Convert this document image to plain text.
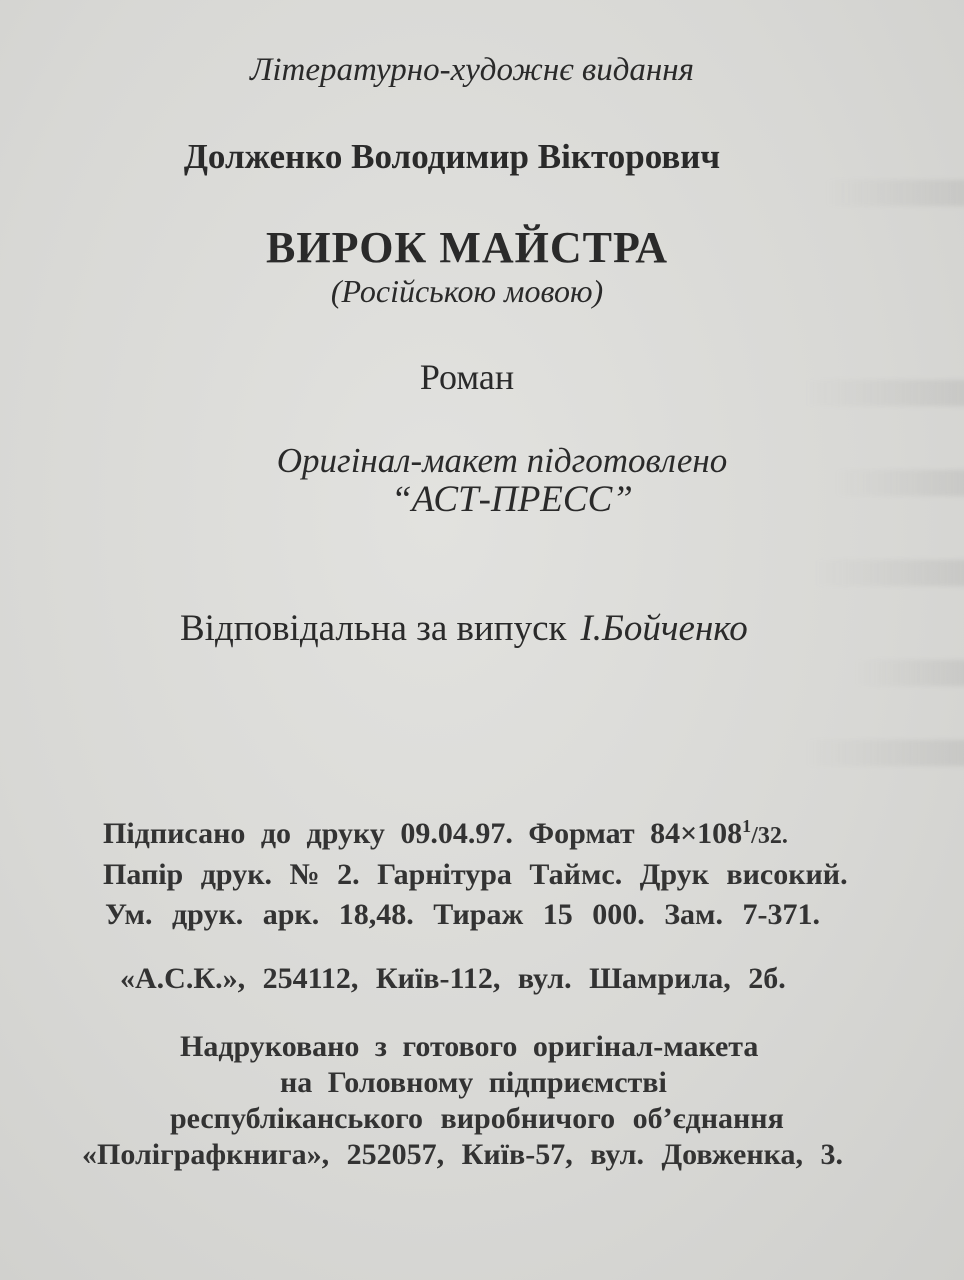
Літературно-художнє видання
Долженко Володимир Вікторович
ВИРОК МАЙСТРА
(Російською мовою)
Роман
Оригінал-макет підготовлено
“АСТ-ПРЕСС”
Відповідальна за випуск І.Бойченко
Підписано до друку 09.04.97. Формат $84\times 108^1/32$.
Папір друк. № 2. Гарнітура Таймс. Друк високий.
Ум. друк. арк. 18,48. Тираж 15 000. Зам. 7-371.
«А.С.К.», 254112, Київ-112, вул. Шамрила, 2б.
Надруковано з готового оригінал-макета
на Головному підприємстві
республіканського виробничого об’єднання
«Поліграфкнига», 252057, Київ-57, вул. Довженка, 3.
